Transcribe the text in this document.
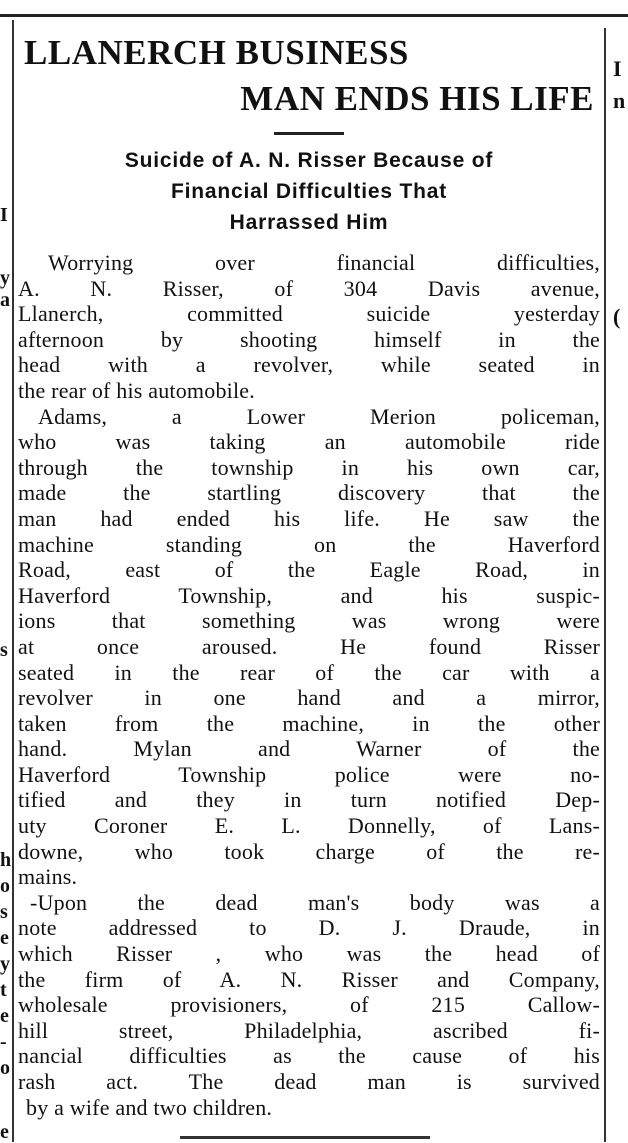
I
y
a
s
h
o
s
e
y
t
e
-
o
e
I
n
(
LLANERCH BUSINESS
MAN ENDS HIS LIFE
Suicide of A. N. Risser Because of
Financial Difficulties That
Harrassed Him

Worrying over financial difficulties,
A. N. Risser, of 304 Davis avenue,
Llanerch, committed suicide yesterday
afternoon by shooting himself in the
head with a revolver, while seated in
the rear of his automobile.

Adams, a Lower Merion policeman,
who was taking an automobile ride
through the township in his own car,
made the startling discovery that the
man had ended his life. He saw the
machine standing on the Haverford
Road, east of the Eagle Road, in
Haverford Township, and his suspic-
ions that something was wrong were
at once aroused. He found Risser
seated in the rear of the car with a
revolver in one hand and a mirror,
taken from the machine, in the other
hand. Mylan and Warner of the
Haverford Township police were no-
tified and they in turn notified Dep-
uty Coroner E. L. Donnelly, of Lans-
downe, who took charge of the re-
mains.

-Upon the dead man's body was a
note addressed to D. J. Draude, in
which Risser , who was the head of
the firm of A. N. Risser and Company,
wholesale provisioners, of 215 Callow-
hill street, Philadelphia, ascribed fi-
nancial difficulties as the cause of his
rash act. The dead man is survived
by a wife and two children.
